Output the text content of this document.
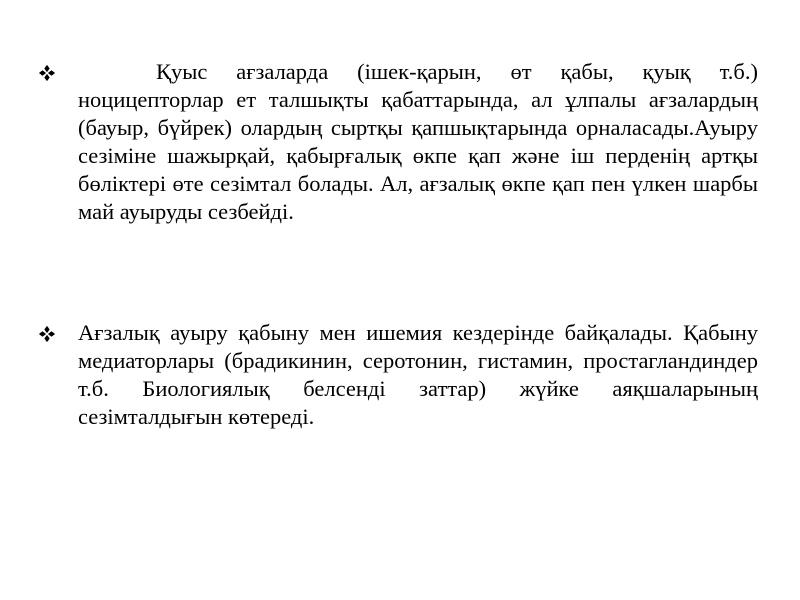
Қуыс ағзаларда (ішек-қарын, өт қабы, қуық т.б.) ноцицепторлар ет талшықты қабаттарында, ал ұлпалы ағзалардың (бауыр, бүйрек) олардың сыртқы қапшықтарында орналасады.Ауыру сезіміне шажырқай, қабырғалық өкпе қап және іш перденің артқы бөліктері өте сезімтал болады. Ал, ағзалық өкпе қап пен үлкен шарбы май ауыруды сезбейді.
Ағзалық ауыру қабыну мен ишемия кездерінде байқалады. Қабыну медиаторлары (брадикинин, серотонин, гистамин, простагландиндер т.б. Биологиялық белсенді заттар) жүйке аяқшаларының сезімталдығын көтереді.
